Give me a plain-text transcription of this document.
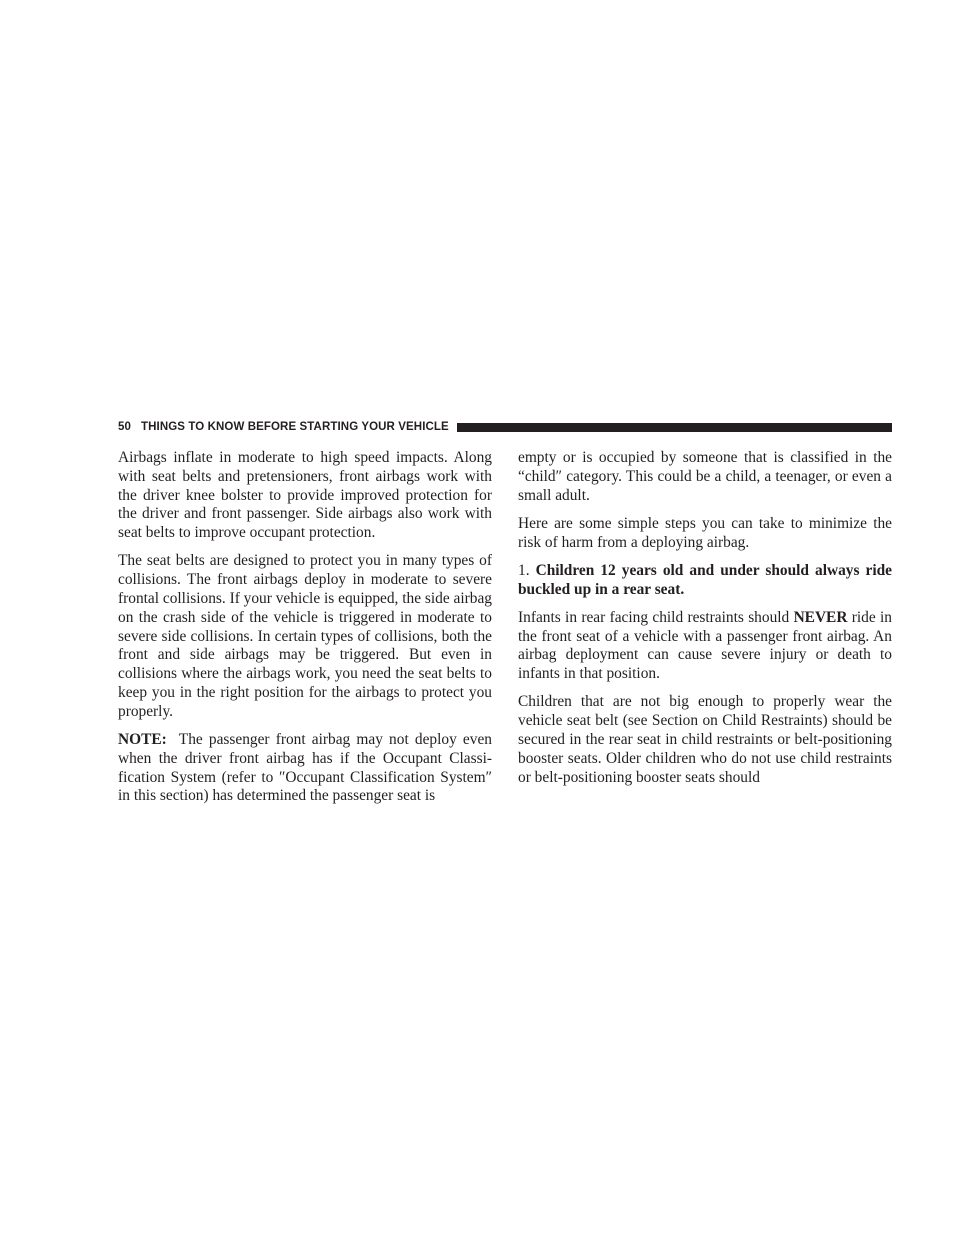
50 THINGS TO KNOW BEFORE STARTING YOUR VEHICLE

Airbags inflate in moderate to high speed impacts. Along with seat belts and pretensioners, front airbags work with the driver knee bolster to provide improved protection for the driver and front passenger. Side airbags also work with seat belts to improve occupant protection.

The seat belts are designed to protect you in many types of collisions. The front airbags deploy in moderate to severe frontal collisions. If your vehicle is equipped, the side airbag on the crash side of the vehicle is triggered in moderate to severe side collisions. In certain types of collisions, both the front and side airbags may be triggered. But even in collisions where the airbags work, you need the seat belts to keep you in the right position for the airbags to protect you properly.

NOTE:  The passenger front airbag may not deploy even when the driver front airbag has if the Occupant Classification System (refer to ″Occupant Classification System″ in this section) has determined the passenger seat is

empty or is occupied by someone that is classified in the “child″ category. This could be a child, a teenager, or even a small adult.

Here are some simple steps you can take to minimize the risk of harm from a deploying airbag.

1. Children 12 years old and under should always ride buckled up in a rear seat.

Infants in rear facing child restraints should NEVER ride in the front seat of a vehicle with a passenger front airbag. An airbag deployment can cause severe injury or death to infants in that position.

Children that are not big enough to properly wear the vehicle seat belt (see Section on Child Restraints) should be secured in the rear seat in child restraints or belt-positioning booster seats. Older children who do not use child restraints or belt-positioning booster seats should
